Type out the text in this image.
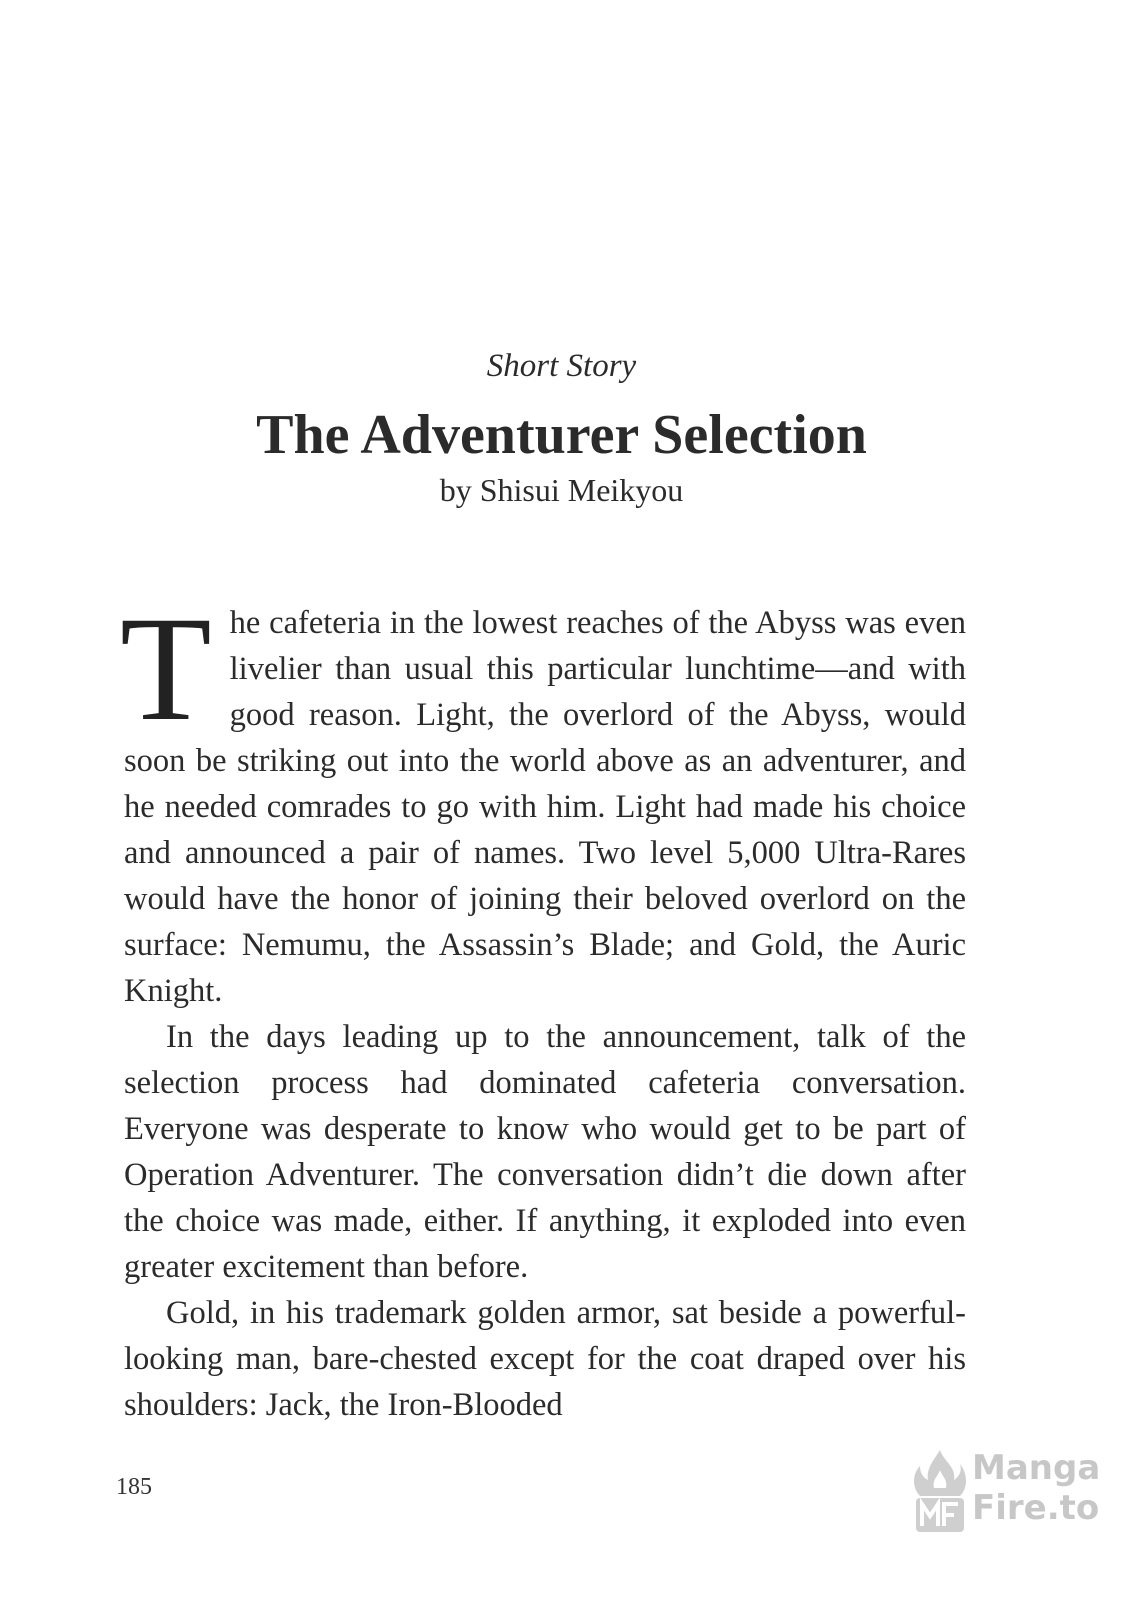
Short Story
The Adventurer Selection
by Shisui Meikyou

The cafeteria in the lowest reaches of the Abyss was even livelier than usual this particular lunchtime—and with good reason. Light, the overlord of the Abyss, would soon be striking out into the world above as an adventurer, and he needed comrades to go with him. Light had made his choice and announced a pair of names. Two level 5,000 Ultra-Rares would have the honor of joining their beloved overlord on the surface: Nemumu, the Assassin’s Blade; and Gold, the Auric Knight.

In the days leading up to the announcement, talk of the selection process had dominated cafeteria conversation. Everyone was desperate to know who would get to be part of Operation Adventurer. The conversation didn’t die down after the choice was made, either. If anything, it exploded into even greater excitement than before.

Gold, in his trademark golden armor, sat beside a powerful-looking man, bare-chested except for the coat draped over his shoulders: Jack, the Iron-Blooded

185	Manga
Fire.to
